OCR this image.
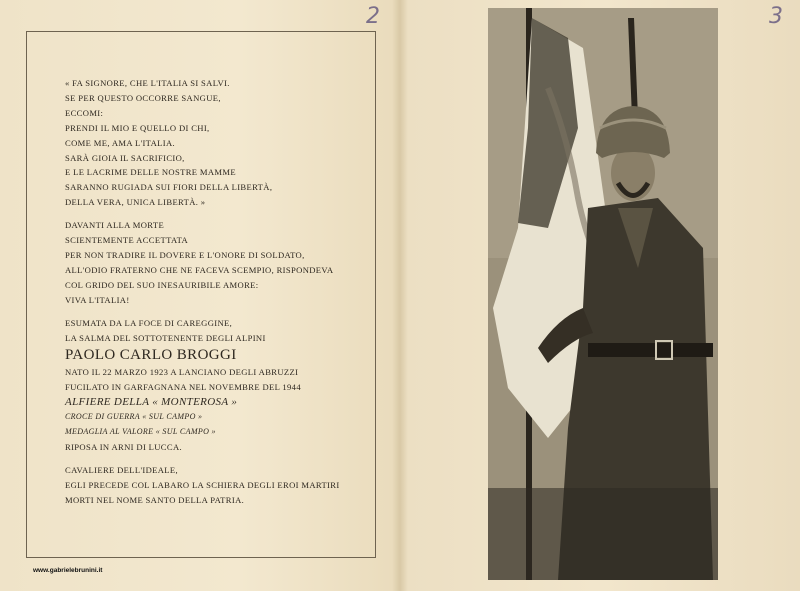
2	3
« FA SIGNORE, CHE L'ITALIA SI SALVI.
SE PER QUESTO OCCORRE SANGUE,
ECCOMI:
PRENDI IL MIO E QUELLO DI CHI,
COME ME, AMA L'ITALIA.
SARÀ GIOIA IL SACRIFICIO,
E LE LACRIME DELLE NOSTRE MAMME
SARANNO RUGIADA SUI FIORI DELLA LIBERTÀ,
DELLA VERA, UNICA LIBERTÀ. »
DAVANTI ALLA MORTE
SCIENTEMENTE ACCETTATA
PER NON TRADIRE IL DOVERE E L'ONORE DI SOLDATO,
ALL'ODIO FRATERNO CHE NE FACEVA SCEMPIO, RISPONDEVA
COL GRIDO DEL SUO INESAURIBILE AMORE:
VIVA L'ITALIA!
ESUMATA DA LA FOCE DI CAREGGINE,
LA SALMA DEL SOTTOTENENTE DEGLI ALPINI
PAOLO CARLO BROGGI
NATO IL 22 MARZO 1923 A LANCIANO DEGLI ABRUZZI
FUCILATO IN GARFAGNANA NEL NOVEMBRE DEL 1944
ALFIERE DELLA « MONTEROSA »
CROCE DI GUERRA « SUL CAMPO »
MEDAGLIA AL VALORE « SUL CAMPO »
RIPOSA IN ARNI DI LUCCA.
CAVALIERE DELL'IDEALE,
EGLI PRECEDE COL LABARO LA SCHIERA DEGLI EROI MARTIRI
MORTI NEL NOME SANTO DELLA PATRIA.
www.gabrielebrunini.it
